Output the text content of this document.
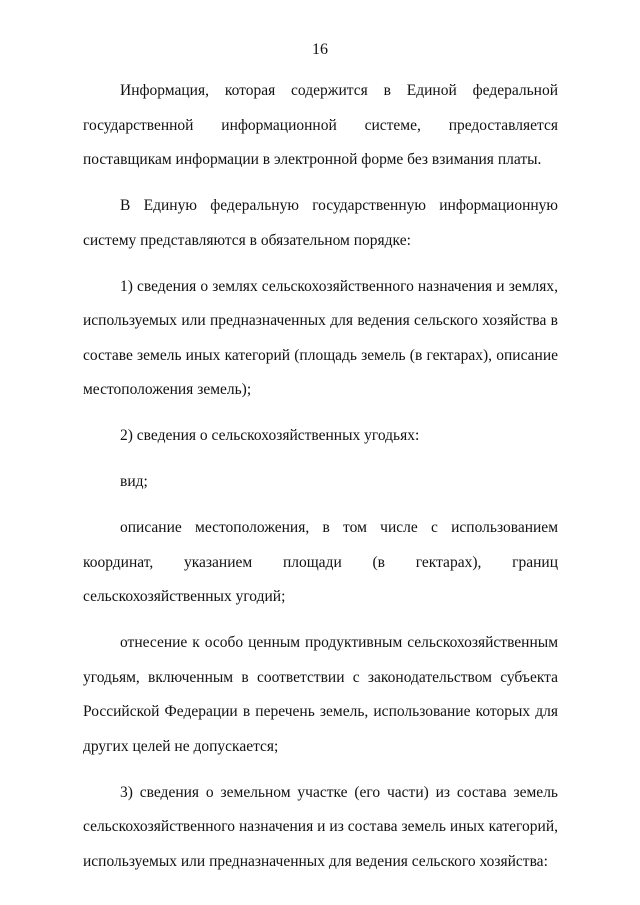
16

Информация, которая содержится в Единой федеральной государственной информационной системе, предоставляется поставщикам информации в электронной форме без взимания платы.

В Единую федеральную государственную информационную систему представляются в обязательном порядке:

1) сведения о землях сельскохозяйственного назначения и землях, используемых или предназначенных для ведения сельского хозяйства в составе земель иных категорий (площадь земель (в гектарах), описание местоположения земель);

2) сведения о сельскохозяйственных угодьях:

вид;

описание местоположения, в том числе с использованием координат, указанием площади (в гектарах), границ сельскохозяйственных угодий;

отнесение к особо ценным продуктивным сельскохозяйственным угодьям, включенным в соответствии с законодательством субъекта Российской Федерации в перечень земель, использование которых для других целей не допускается;

3) сведения о земельном участке (его части) из состава земель сельскохозяйственного назначения и из состава земель иных категорий, используемых или предназначенных для ведения сельского хозяйства:
